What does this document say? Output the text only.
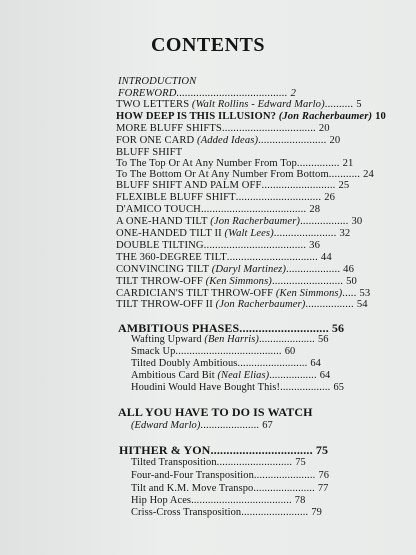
CONTENTS
INTRODUCTION
FOREWORD....................................... 2
TWO LETTERS (Walt Rollins - Edward Marlo).......... 5
HOW DEEP IS THIS ILLUSION? (Jon Racherbaumer) 10
MORE BLUFF SHIFTS................................. 20
FOR ONE CARD (Added Ideas)........................ 20
BLUFF SHIFT
To The Top Or At Any Number From Top............... 21
To The Bottom Or At Any Number From Bottom........... 24
BLUFF SHIFT AND PALM OFF.......................... 25
FLEXIBLE BLUFF SHIFT.............................. 26
D'AMICO TOUCH..................................... 28
A ONE-HAND TILT (Jon Racherbaumer)................. 30
ONE-HANDED TILT II (Walt Lees)...................... 32
DOUBLE TILTING.................................... 36
THE 360-DEGREE TILT................................ 44
CONVINCING TILT (Daryl Martinez)................... 46
TILT THROW-OFF (Ken Simmons)......................... 50
CARDICIAN'S TILT THROW-OFF (Ken Simmons)..... 53
TILT THROW-OFF II (Jon Racherbaumer)................. 54
AMBITIOUS PHASES............................ 56
Wafting Upward (Ben Harris).................... 56
Smack Up...................................... 60
Tilted Doubly Ambitious......................... 64
Ambitious Card Bit (Neal Elias)................. 64
Houdini Would Have Bought This!.................. 65
ALL YOU HAVE TO DO IS WATCH
(Edward Marlo)..................... 67
HITHER & YON................................ 75
Tilted Transposition........................... 75
Four-and-Four Transposition...................... 76
Tilt and K.M. Move Transpo...................... 77
Hip Hop Aces.................................... 78
Criss-Cross Transposition........................ 79
